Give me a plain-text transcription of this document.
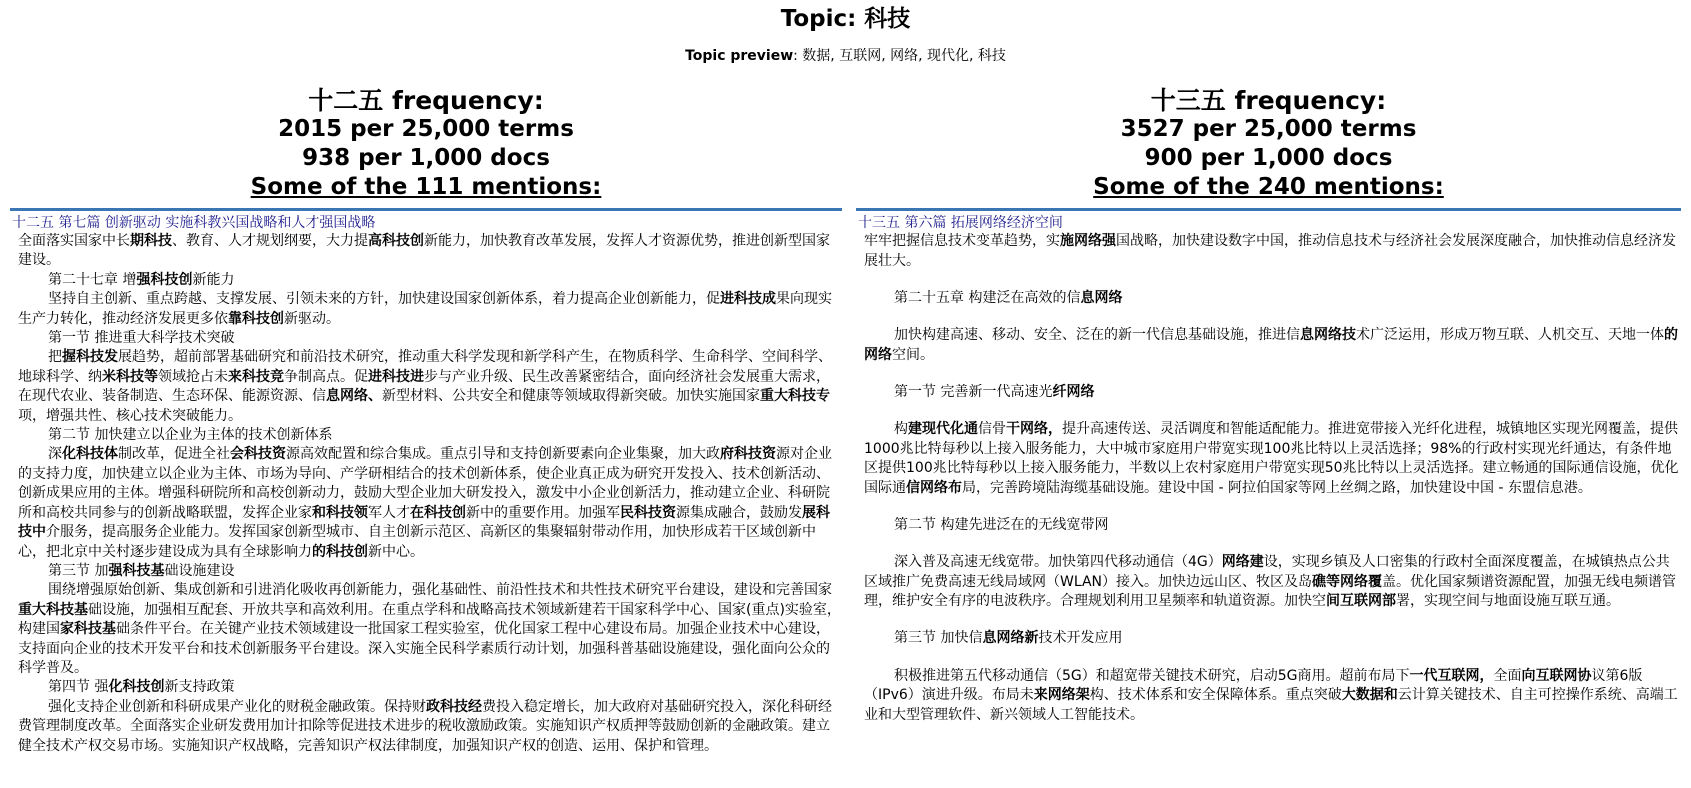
Topic: 科技
Topic preview: 数据, 互联网, 网络, 现代化, 科技
十二五 frequency:
2015 per 25,000 terms
938 per 1,000 docs
Some of the 111 mentions:
十二五 第七篇 创新驱动 实施科教兴国战略和人才强国战略

全面落实国家中长期科技、教育、人才规划纲要，大力提高科技创新能力，加快教育改革发展，发挥人才资源优势，推进创新型国家建设。

第二十七章 增强科技创新能力

坚持自主创新、重点跨越、支撑发展、引领未来的方针，加快建设国家创新体系，着力提高企业创新能力，促进科技成果向现实生产力转化，推动经济发展更多依靠科技创新驱动。

第一节 推进重大科学技术突破

把握科技发展趋势，超前部署基础研究和前沿技术研究，推动重大科学发现和新学科产生，在物质科学、生命科学、空间科学、地球科学、纳米科技等领域抢占未来科技竞争制高点。促进科技进步与产业升级、民生改善紧密结合，面向经济社会发展重大需求，在现代农业、装备制造、生态环保、能源资源、信息网络、新型材料、公共安全和健康等领域取得新突破。加快实施国家重大科技专项，增强共性、核心技术突破能力。

第二节 加快建立以企业为主体的技术创新体系

深化科技体制改革，促进全社会科技资源高效配置和综合集成。重点引导和支持创新要素向企业集聚，加大政府科技资源对企业的支持力度，加快建立以企业为主体、市场为导向、产学研相结合的技术创新体系，使企业真正成为研究开发投入、技术创新活动、创新成果应用的主体。增强科研院所和高校创新动力，鼓励大型企业加大研发投入，激发中小企业创新活力，推动建立企业、科研院所和高校共同参与的创新战略联盟，发挥企业家和科技领军人才在科技创新中的重要作用。加强军民科技资源集成融合，鼓励发展科技中介服务，提高服务企业能力。发挥国家创新型城市、自主创新示范区、高新区的集聚辐射带动作用，加快形成若干区域创新中心，把北京中关村逐步建设成为具有全球影响力的科技创新中心。

第三节 加强科技基础设施建设

围绕增强原始创新、集成创新和引进消化吸收再创新能力，强化基础性、前沿性技术和共性技术研究平台建设，建设和完善国家重大科技基础设施，加强相互配套、开放共享和高效利用。在重点学科和战略高技术领域新建若干国家科学中心、国家(重点)实验室，构建国家科技基础条件平台。在关键产业技术领域建设一批国家工程实验室，优化国家工程中心建设布局。加强企业技术中心建设，支持面向企业的技术开发平台和技术创新服务平台建设。深入实施全民科学素质行动计划，加强科普基础设施建设，强化面向公众的科学普及。

第四节 强化科技创新支持政策

强化支持企业创新和科研成果产业化的财税金融政策。保持财政科技经费投入稳定增长，加大政府对基础研究投入，深化科研经费管理制度改革。全面落实企业研发费用加计扣除等促进技术进步的税收激励政策。实施知识产权质押等鼓励创新的金融政策。建立健全技术产权交易市场。实施知识产权战略，完善知识产权法律制度，加强知识产权的创造、运用、保护和管理。

十三五 frequency:
3527 per 25,000 terms
900 per 1,000 docs
Some of the 240 mentions:
十三五 第六篇 拓展网络经济空间

牢牢把握信息技术变革趋势，实施网络强国战略，加快建设数字中国，推动信息技术与经济社会发展深度融合，加快推动信息经济发展壮大。

第二十五章 构建泛在高效的信息网络

加快构建高速、移动、安全、泛在的新一代信息基础设施，推进信息网络技术广泛运用，形成万物互联、人机交互、天地一体的网络空间。

第一节 完善新一代高速光纤网络

构建现代化通信骨干网络，提升高速传送、灵活调度和智能适配能力。推进宽带接入光纤化进程，城镇地区实现光网覆盖，提供1000兆比特每秒以上接入服务能力，大中城市家庭用户带宽实现100兆比特以上灵活选择；98%的行政村实现光纤通达，有条件地区提供100兆比特每秒以上接入服务能力，半数以上农村家庭用户带宽实现50兆比特以上灵活选择。建立畅通的国际通信设施，优化国际通信网络布局，完善跨境陆海缆基础设施。建设中国 - 阿拉伯国家等网上丝绸之路，加快建设中国 - 东盟信息港。

第二节 构建先进泛在的无线宽带网

深入普及高速无线宽带。加快第四代移动通信（4G）网络建设，实现乡镇及人口密集的行政村全面深度覆盖，在城镇热点公共区域推广免费高速无线局域网（WLAN）接入。加快边远山区、牧区及岛礁等网络覆盖。优化国家频谱资源配置，加强无线电频谱管理，维护安全有序的电波秩序。合理规划利用卫星频率和轨道资源。加快空间互联网部署，实现空间与地面设施互联互通。

第三节 加快信息网络新技术开发应用

积极推进第五代移动通信（5G）和超宽带关键技术研究，启动5G商用。超前布局下一代互联网，全面向互联网协议第6版（IPv6）演进升级。布局未来网络架构、技术体系和安全保障体系。重点突破大数据和云计算关键技术、自主可控操作系统、高端工业和大型管理软件、新兴领域人工智能技术。
